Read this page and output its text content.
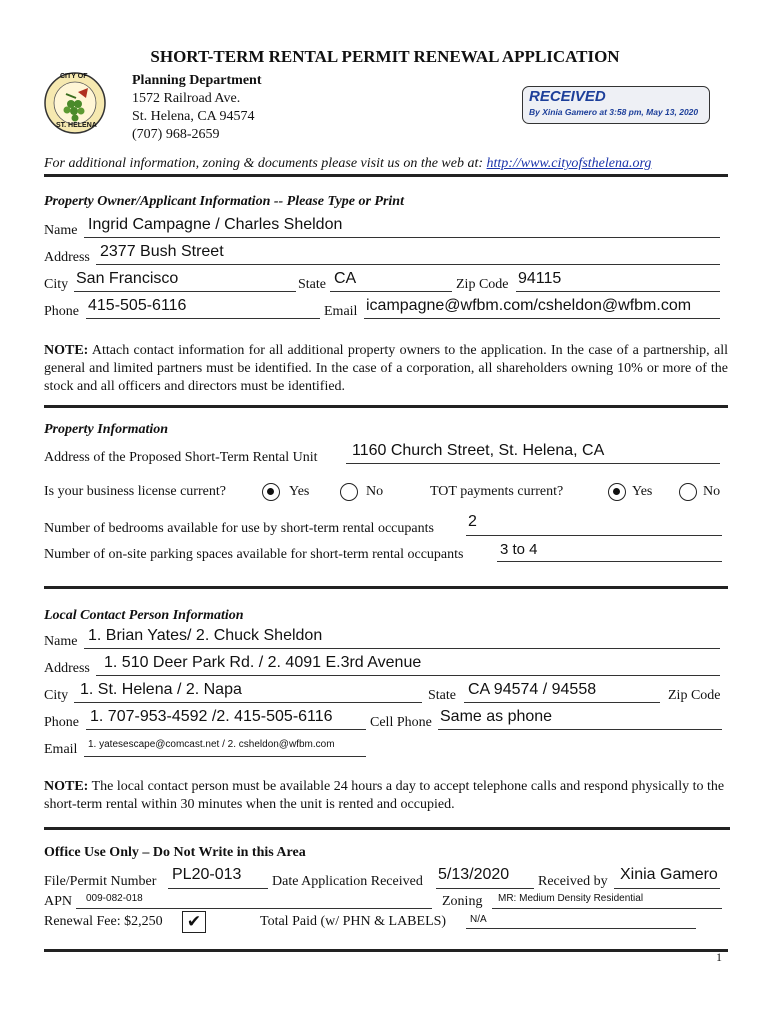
SHORT-TERM RENTAL PERMIT RENEWAL APPLICATION
CITY OF
ST. HELENA
Planning Department
1572 Railroad Ave.
St. Helena, CA 94574
(707) 968-2659
RECEIVED
By Xinia Gamero at 3:58 pm, May 13, 2020
For additional information, zoning & documents please visit us on the web at: http://www.cityofsthelena.org
Property Owner/Applicant Information -- Please Type or Print
Name Ingrid Campagne / Charles Sheldon
Address 2377 Bush Street
City San Francisco	State CA	Zip Code 94115
Phone 415-505-6116	Email icampagne@wfbm.com/csheldon@wfbm.com
NOTE: Attach contact information for all additional property owners to the application. In the case of a partnership, all general and limited partners must be identified. In the case of a corporation, all shareholders owning 10% or more of the stock and all officers and directors must be identified.
Property Information
Address of the Proposed Short-Term Rental Unit 1160 Church Street, St. Helena, CA
Is your business license current?	Yes	No	TOT payments current?	Yes	No
Number of bedrooms available for use by short-term rental occupants 2
Number of on-site parking spaces available for short-term rental occupants 3 to 4
Local Contact Person Information
Name 1. Brian Yates/ 2. Chuck Sheldon
Address 1. 510 Deer Park Rd. / 2. 4091 E.3rd Avenue
City 1. St. Helena / 2. Napa	State CA 94574 / 94558	Zip Code
Phone 1. 707-953-4592 /2. 415-505-6116	Cell Phone Same as phone
Email 1. yatesescape@comcast.net / 2. csheldon@wfbm.com
NOTE: The local contact person must be available 24 hours a day to accept telephone calls and respond physically to the short-term rental within 30 minutes when the unit is rented and occupied.
Office Use Only – Do Not Write in this Area
File/Permit Number PL20-013 Date Application Received 5/13/2020 Received by Xinia Gamero
APN 009-082-018	Zoning MR: Medium Density Residential
Renewal Fee: $2,250 ✔	Total Paid (w/ PHN & LABELS) N/A
1
